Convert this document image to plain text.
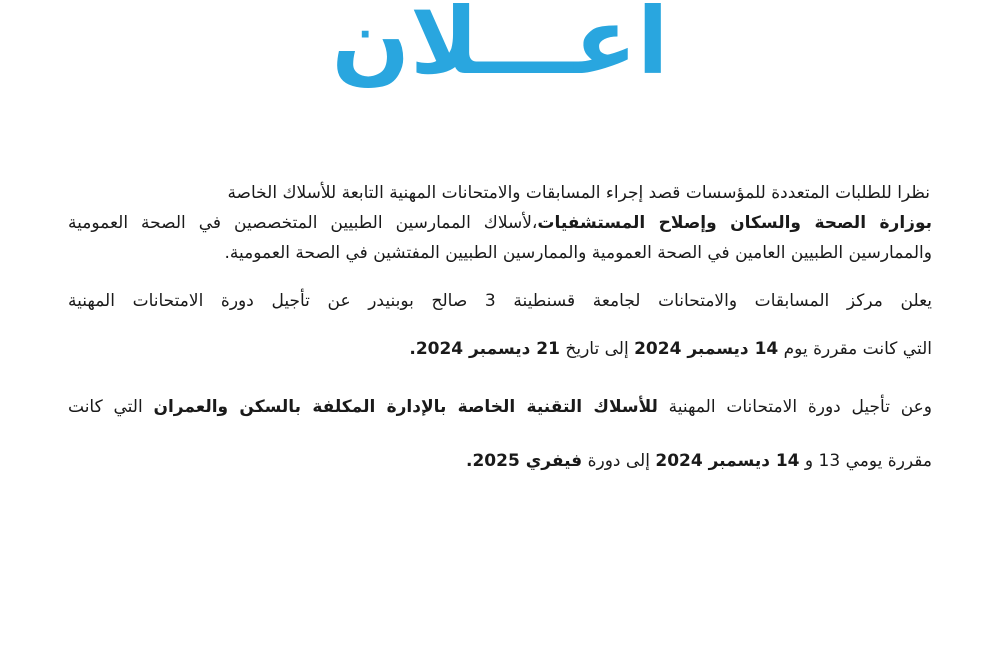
اعـــلان
نظرا للطلبات المتعددة للمؤسسات قصد إجراء المسابقات والامتحانات المهنية التابعة للأسلاك الخاصة
بوزارة الصحة والسكان وإصلاح المستشفيات،لأسلاك الممارسين الطبيين المتخصصين في الصحة العمومية
والممارسين الطبيين العامين في الصحة العمومية والممارسين الطبيين المفتشين في الصحة العمومية.
يعلن مركز المسابقات والامتحانات لجامعة قسنطينة 3 صالح بوبنيدر عن تأجيل دورة الامتحانات المهنية
التي كانت مقررة يوم 14 ديسمبر 2024 إلى تاريخ 21 ديسمبر 2024.
وعن تأجيل دورة الامتحانات المهنية للأسلاك التقنية الخاصة بالإدارة المكلفة بالسكن والعمران التي كانت
مقررة يومي 13 و 14 ديسمبر 2024 إلى دورة فيفري 2025.
